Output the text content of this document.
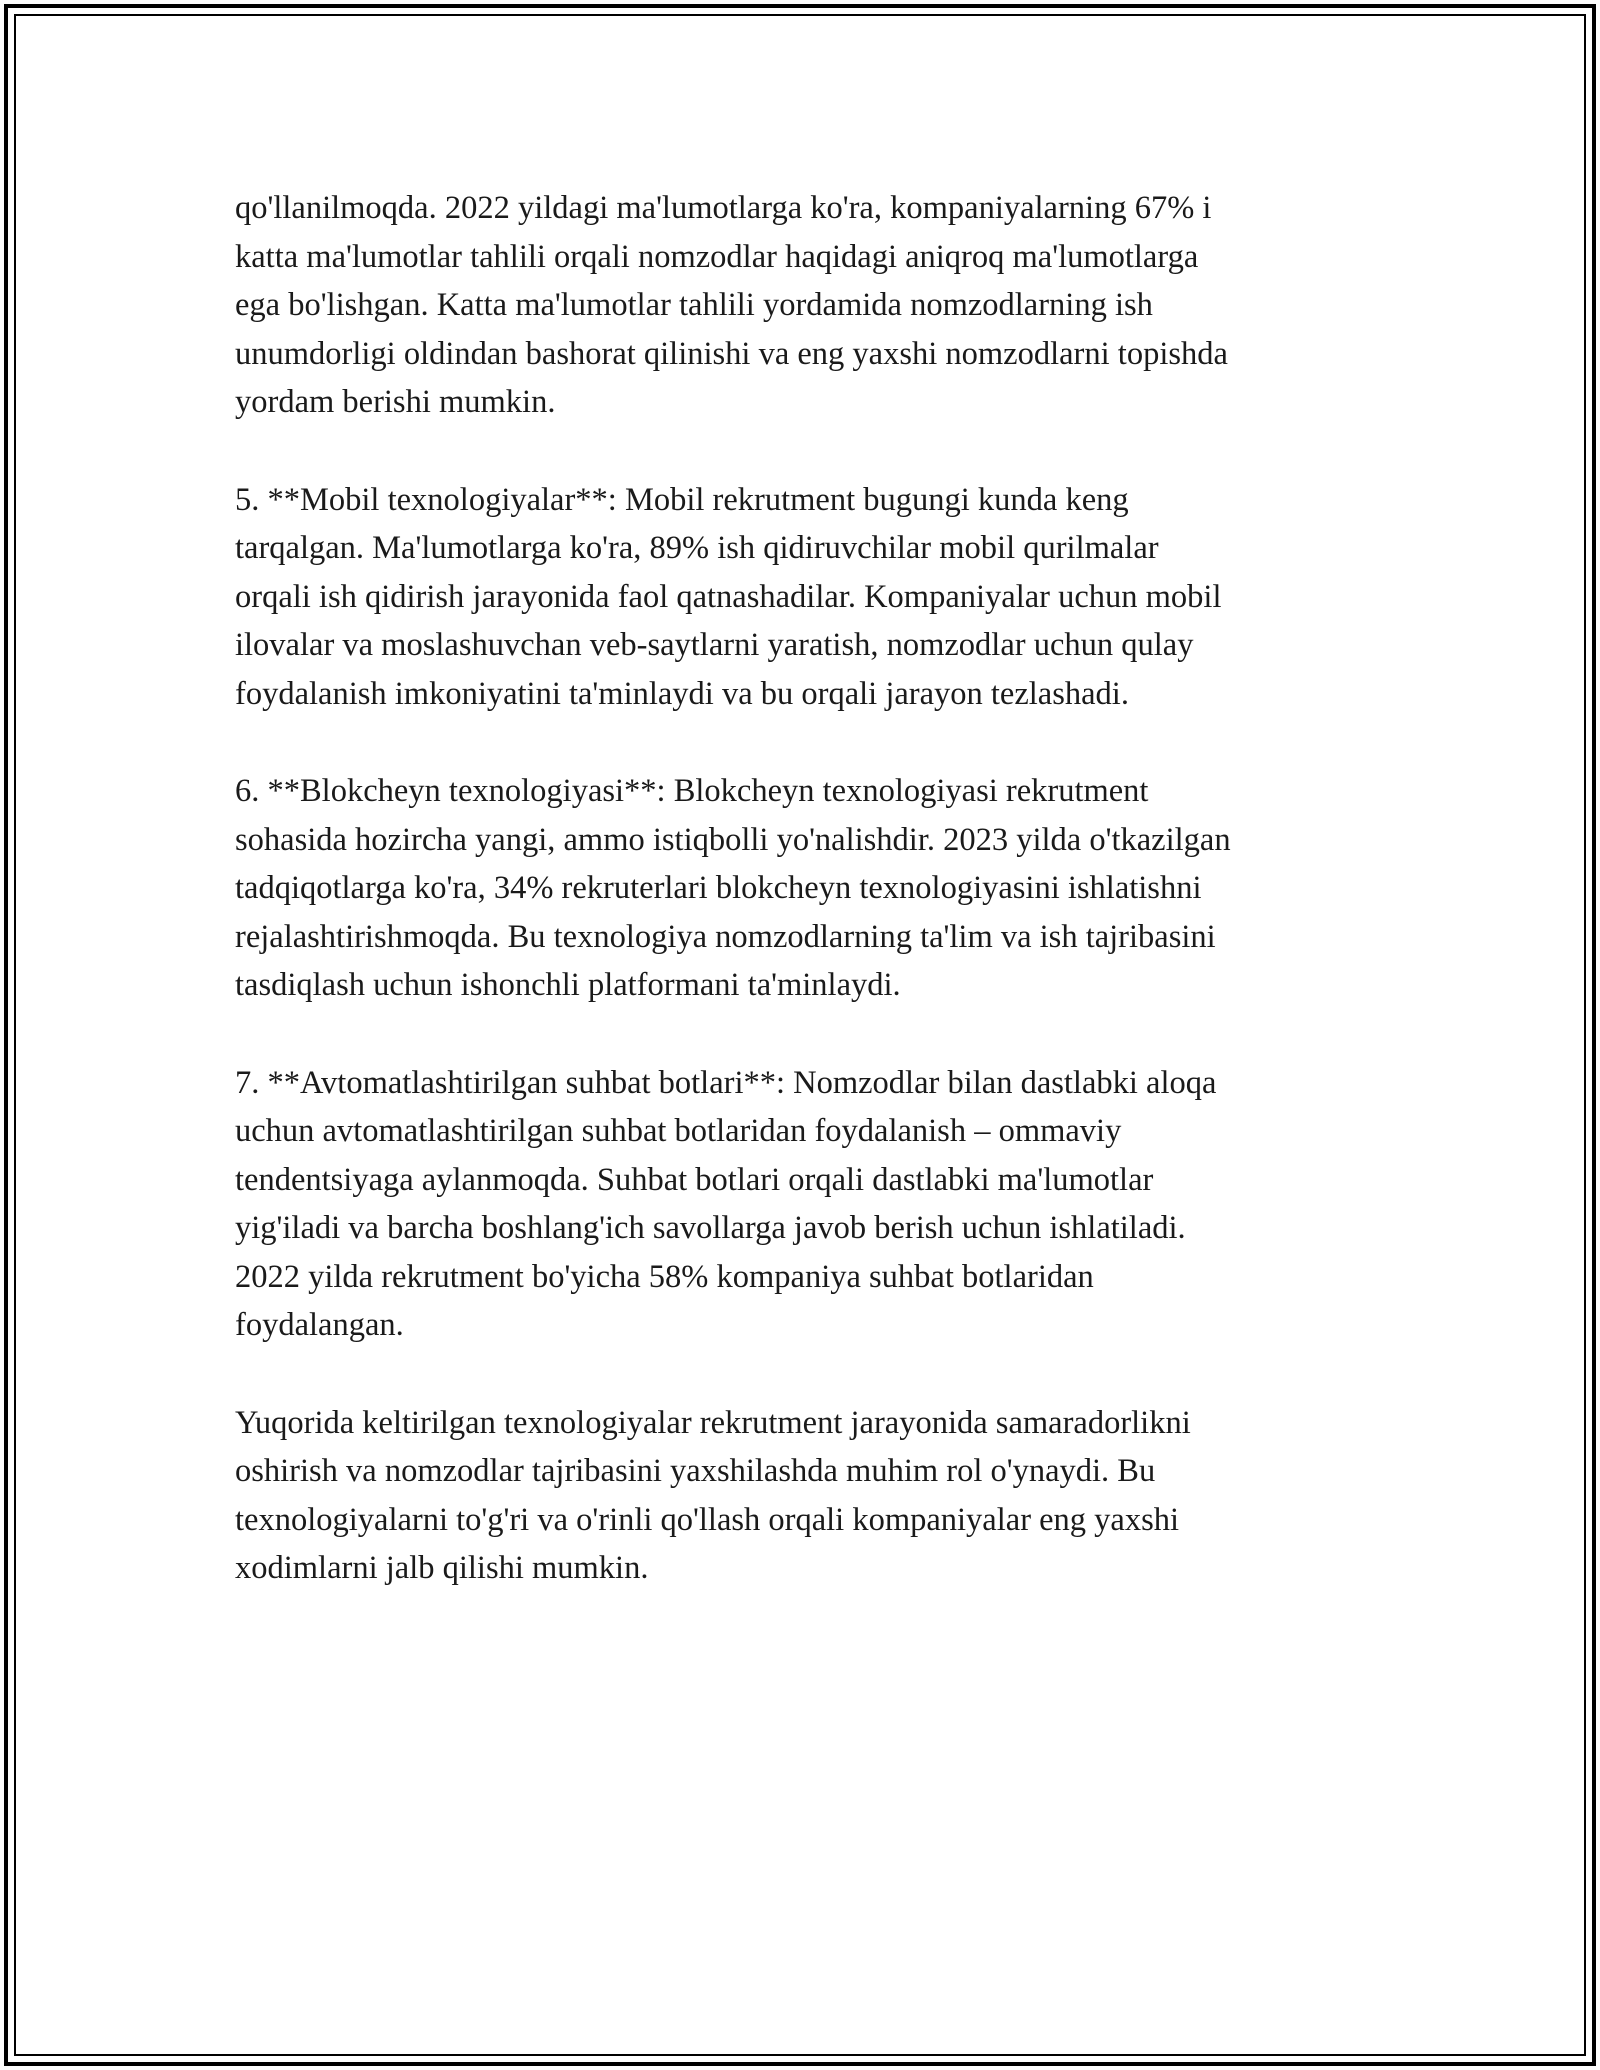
qo'llanilmoqda. 2022 yildagi ma'lumotlarga ko'ra, kompaniyalarning 67% i
katta ma'lumotlar tahlili orqali nomzodlar haqidagi aniqroq ma'lumotlarga
ega bo'lishgan. Katta ma'lumotlar tahlili yordamida nomzodlarning ish
unumdorligi oldindan bashorat qilinishi va eng yaxshi nomzodlarni topishda
yordam berishi mumkin.

5. **Mobil texnologiyalar**: Mobil rekrutment bugungi kunda keng
tarqalgan. Ma'lumotlarga ko'ra, 89% ish qidiruvchilar mobil qurilmalar
orqali ish qidirish jarayonida faol qatnashadilar. Kompaniyalar uchun mobil
ilovalar va moslashuvchan veb-saytlarni yaratish, nomzodlar uchun qulay
foydalanish imkoniyatini ta'minlaydi va bu orqali jarayon tezlashadi.

6. **Blokcheyn texnologiyasi**: Blokcheyn texnologiyasi rekrutment
sohasida hozircha yangi, ammo istiqbolli yo'nalishdir. 2023 yilda o'tkazilgan
tadqiqotlarga ko'ra, 34% rekruterlari blokcheyn texnologiyasini ishlatishni
rejalashtirishmoqda. Bu texnologiya nomzodlarning ta'lim va ish tajribasini
tasdiqlash uchun ishonchli platformani ta'minlaydi.

7. **Avtomatlashtirilgan suhbat botlari**: Nomzodlar bilan dastlabki aloqa
uchun avtomatlashtirilgan suhbat botlaridan foydalanish – ommaviy
tendentsiyaga aylanmoqda. Suhbat botlari orqali dastlabki ma'lumotlar
yig'iladi va barcha boshlang'ich savollarga javob berish uchun ishlatiladi.
2022 yilda rekrutment bo'yicha 58% kompaniya suhbat botlaridan
foydalangan.

Yuqorida keltirilgan texnologiyalar rekrutment jarayonida samaradorlikni
oshirish va nomzodlar tajribasini yaxshilashda muhim rol o'ynaydi. Bu
texnologiyalarni to'g'ri va o'rinli qo'llash orqali kompaniyalar eng yaxshi
xodimlarni jalb qilishi mumkin.
